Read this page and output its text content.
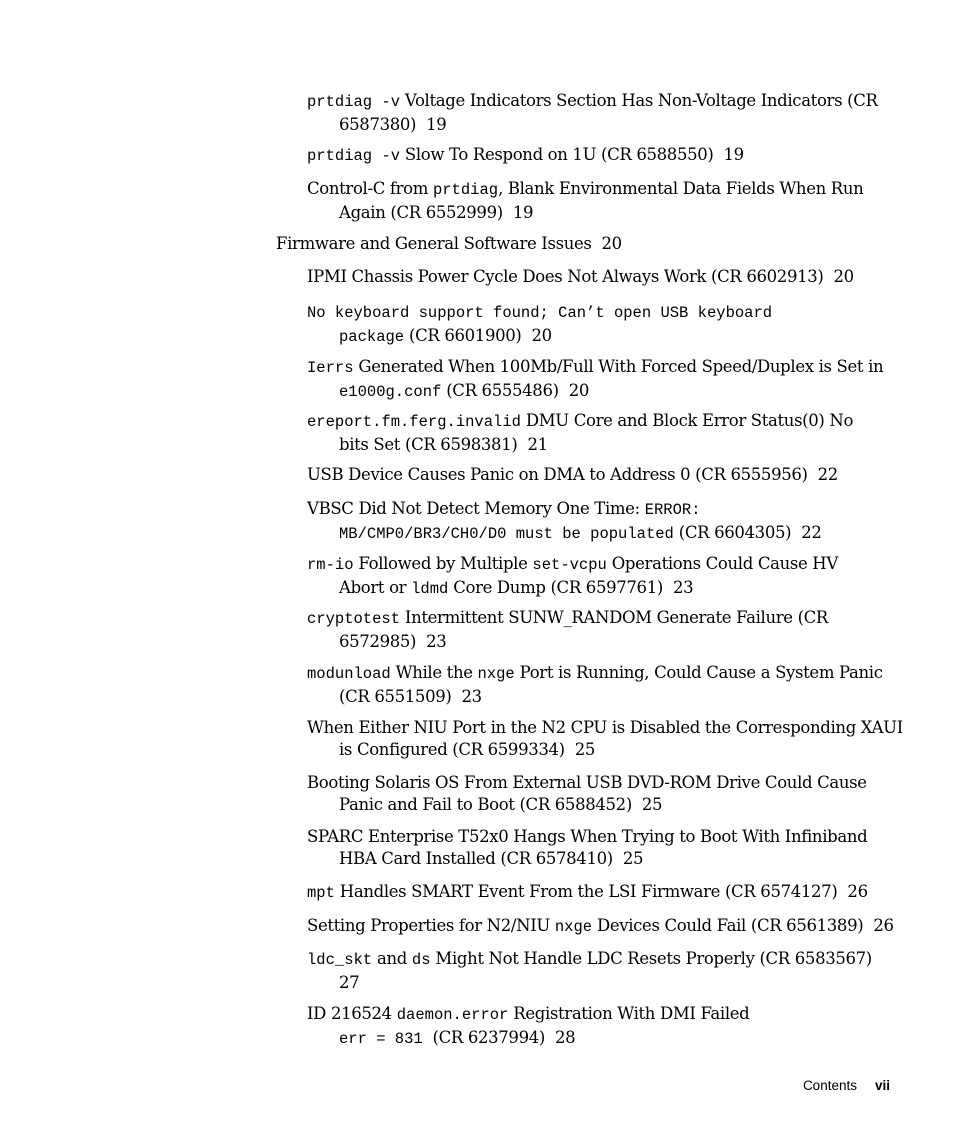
prtdiag -v Voltage Indicators Section Has Non-Voltage Indicators (CR
6587380) 19
prtdiag -v Slow To Respond on 1U (CR 6588550) 19
Control-C from prtdiag, Blank Environmental Data Fields When Run
Again (CR 6552999) 19
Firmware and General Software Issues 20
IPMI Chassis Power Cycle Does Not Always Work (CR 6602913) 20
No keyboard support found; Can’t open USB keyboard
package (CR 6601900) 20
Ierrs Generated When 100Mb/Full With Forced Speed/Duplex is Set in
e1000g.conf (CR 6555486) 20
ereport.fm.ferg.invalid DMU Core and Block Error Status(0) No
bits Set (CR 6598381) 21
USB Device Causes Panic on DMA to Address 0 (CR 6555956) 22
VBSC Did Not Detect Memory One Time: ERROR:
MB/CMP0/BR3/CH0/D0 must be populated (CR 6604305) 22
rm-io Followed by Multiple set-vcpu Operations Could Cause HV
Abort or ldmd Core Dump (CR 6597761) 23
cryptotest Intermittent SUNW_RANDOM Generate Failure (CR
6572985) 23
modunload While the nxge Port is Running, Could Cause a System Panic
(CR 6551509) 23
When Either NIU Port in the N2 CPU is Disabled the Corresponding XAUI
is Configured (CR 6599334) 25
Booting Solaris OS From External USB DVD-ROM Drive Could Cause
Panic and Fail to Boot (CR 6588452) 25
SPARC Enterprise T52x0 Hangs When Trying to Boot With Infiniband
HBA Card Installed (CR 6578410) 25
mpt Handles SMART Event From the LSI Firmware (CR 6574127) 26
Setting Properties for N2/NIU nxge Devices Could Fail (CR 6561389) 26
ldc_skt and ds Might Not Handle LDC Resets Properly (CR 6583567)
27
ID 216524 daemon.error Registration With DMI Failed
err = 831  (CR 6237994) 28
Contents vii
